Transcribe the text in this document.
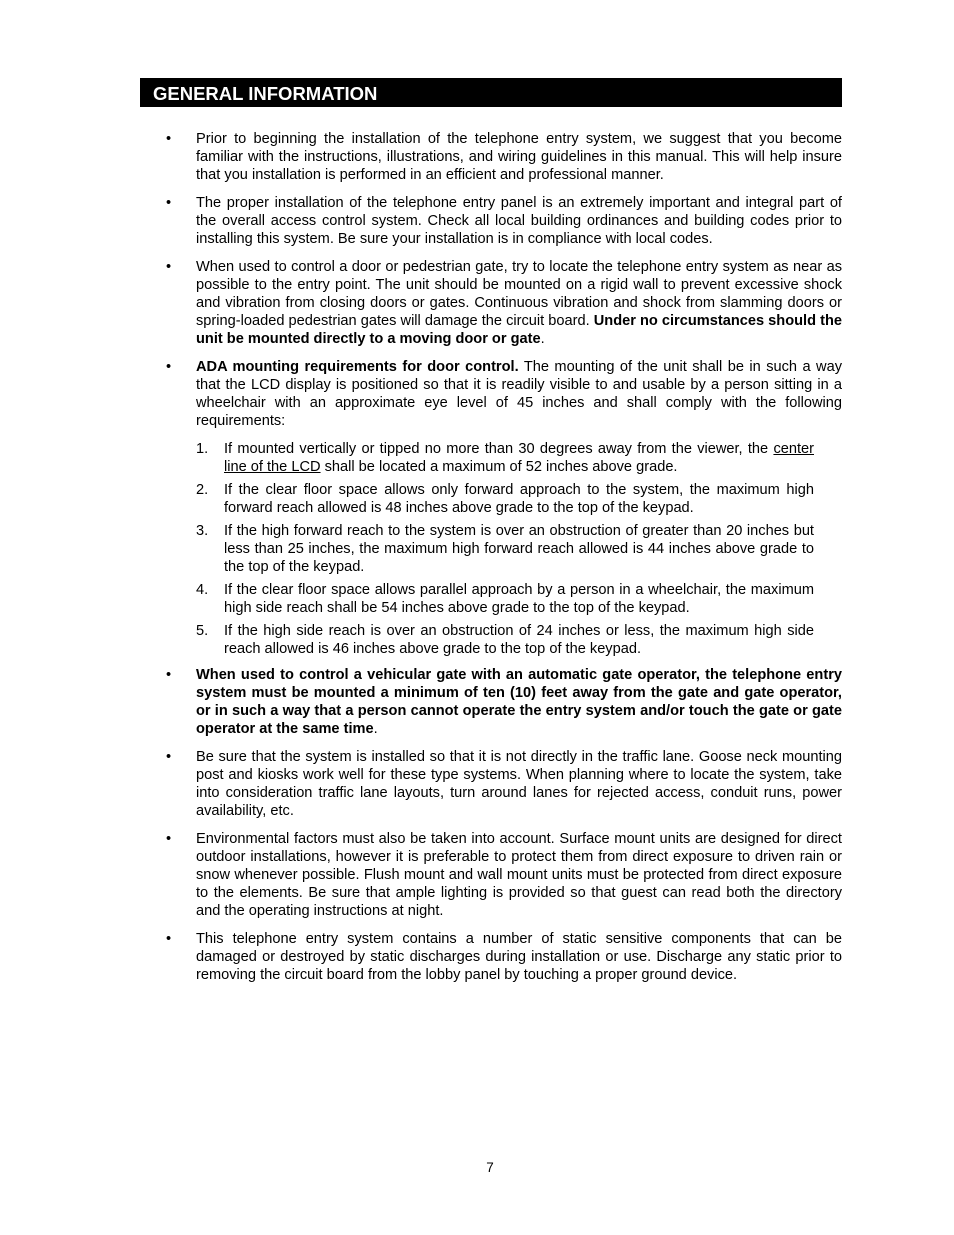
GENERAL INFORMATION
•	Prior to beginning the installation of the telephone entry system, we suggest that you become familiar with the instructions, illustrations, and wiring guidelines in this manual. This will help insure that you installation is performed in an efficient and professional manner.
•	The proper installation of the telephone entry panel is an extremely important and integral part of the overall access control system. Check all local building ordinances and building codes prior to installing this system. Be sure your installation is in compliance with local codes.
•	When used to control a door or pedestrian gate, try to locate the telephone entry system as near as possible to the entry point. The unit should be mounted on a rigid wall to prevent excessive shock and vibration from closing doors or gates. Continuous vibration and shock from slamming doors or spring-loaded pedestrian gates will damage the circuit board. Under no circumstances should the unit be mounted directly to a moving door or gate.
•	ADA mounting requirements for door control. The mounting of the unit shall be in such a way that the LCD display is positioned so that it is readily visible to and usable by a person sitting in a wheelchair with an approximate eye level of 45 inches and shall comply with the following requirements:
1. If mounted vertically or tipped no more than 30 degrees away from the viewer, the center line of the LCD shall be located a maximum of 52 inches above grade.
2. If the clear floor space allows only forward approach to the system, the maximum high forward reach allowed is 48 inches above grade to the top of the keypad.
3. If the high forward reach to the system is over an obstruction of greater than 20 inches but less than 25 inches, the maximum high forward reach allowed is 44 inches above grade to the top of the keypad.
4. If the clear floor space allows parallel approach by a person in a wheelchair, the maximum high side reach shall be 54 inches above grade to the top of the keypad.
5. If the high side reach is over an obstruction of 24 inches or less, the maximum high side reach allowed is 46 inches above grade to the top of the keypad.
•	When used to control a vehicular gate with an automatic gate operator, the telephone entry system must be mounted a minimum of ten (10) feet away from the gate and gate operator, or in such a way that a person cannot operate the entry system and/or touch the gate or gate operator at the same time.
•	Be sure that the system is installed so that it is not directly in the traffic lane. Goose neck mounting post and kiosks work well for these type systems. When planning where to locate the system, take into consideration traffic lane layouts, turn around lanes for rejected access, conduit runs, power availability, etc.
•	Environmental factors must also be taken into account. Surface mount units are designed for direct outdoor installations, however it is preferable to protect them from direct exposure to driven rain or snow whenever possible. Flush mount and wall mount units must be protected from direct exposure to the elements. Be sure that ample lighting is provided so that guest can read both the directory and the operating instructions at night.
•	This telephone entry system contains a number of static sensitive components that can be damaged or destroyed by static discharges during installation or use. Discharge any static prior to removing the circuit board from the lobby panel by touching a proper ground device.
7
